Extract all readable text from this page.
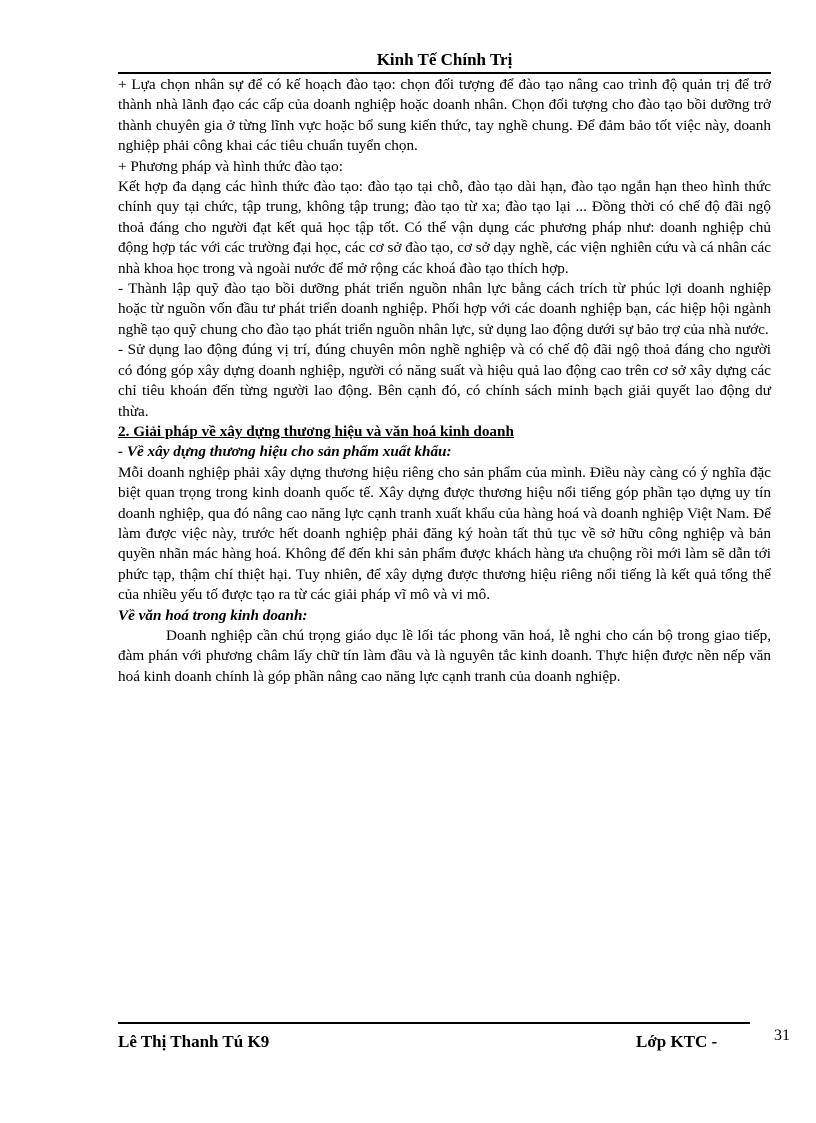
Kinh Tế Chính Trị

+ Lựa chọn nhân sự để có kế hoạch đào tạo: chọn đối tượng để đào tạo nâng cao trình độ quản trị để trở thành nhà lãnh đạo các cấp của doanh nghiệp hoặc doanh nhân. Chọn đối tượng cho đào tạo bồi dưỡng trở thành chuyên gia ở từng lĩnh vực hoặc bổ sung kiến thức, tay nghề chung. Để đảm bảo tốt việc này, doanh nghiệp phải công khai các tiêu chuẩn tuyển chọn.

+ Phương pháp và hình thức đào tạo:

Kết hợp đa dạng các hình thức đào tạo: đào tạo tại chỗ, đào tạo dài hạn, đào tạo ngắn hạn theo hình thức chính quy tại chức, tập trung, không tập trung; đào tạo từ xa; đào tạo lại ... Đồng thời có chế độ đãi ngộ thoả đáng cho người đạt kết quả học tập tốt. Có thể vận dụng các phương pháp như: doanh nghiệp chủ động hợp tác với các trường đại học, các cơ sở đào tạo, cơ sở dạy nghề, các viện nghiên cứu và cá nhân các nhà khoa học trong và ngoài nước để mở rộng các khoá đào tạo thích hợp.

- Thành lập quỹ đào tạo bồi dưỡng phát triển nguồn nhân lực bằng cách trích từ phúc lợi doanh nghiệp hoặc từ nguồn vốn đầu tư phát triển doanh nghiệp. Phối hợp với các doanh nghiệp bạn, các hiệp hội ngành nghề tạo quỹ chung cho đào tạo phát triển nguồn nhân lực, sử dụng lao động dưới sự bảo trợ của nhà nước.

- Sử dụng lao động đúng vị trí, đúng chuyên môn nghề nghiệp và có chế độ đãi ngộ thoả đáng cho người có đóng góp xây dựng doanh nghiệp, người có năng suất và hiệu quả lao động cao trên cơ sở xây dựng các chỉ tiêu khoán đến từng người lao động. Bên cạnh đó, có chính sách minh bạch giải quyết lao động dư thừa.

2. Giải pháp về xây dựng thương hiệu và văn hoá kinh doanh

- Về xây dựng thương hiệu cho sản phẩm xuất khẩu:

Mỗi doanh nghiệp phải xây dựng thương hiệu riêng cho sản phẩm của mình. Điều này càng có ý nghĩa đặc biệt quan trọng trong kinh doanh quốc tế. Xây dựng được thương hiệu nổi tiếng góp phần tạo dựng uy tín doanh nghiệp, qua đó nâng cao năng lực cạnh tranh xuất khẩu của hàng hoá và doanh nghiệp Việt Nam. Để làm được việc này, trước hết doanh nghiệp phải đăng ký hoàn tất thủ tục về sở hữu công nghiệp và bản quyền nhãn mác hàng hoá. Không để đến khi sản phẩm được khách hàng ưa chuộng rồi mới làm sẽ dẫn tới phức tạp, thậm chí thiệt hại. Tuy nhiên, để xây dựng được thương hiệu riêng nổi tiếng là kết quả tổng thể của nhiều yếu tố được tạo ra từ các giải pháp vĩ mô và vi mô.

Về văn hoá trong kinh doanh:

Doanh nghiệp cần chú trọng giáo dục lề lối tác phong văn hoá, lễ nghi cho cán bộ trong giao tiếp, đàm phán với phương châm lấy chữ tín làm đầu và là nguyên tắc kinh doanh. Thực hiện được nền nếp văn hoá kinh doanh chính là góp phần nâng cao năng lực cạnh tranh của doanh nghiệp.

Lê Thị Thanh Tú K9	Lớp KTC -	31
